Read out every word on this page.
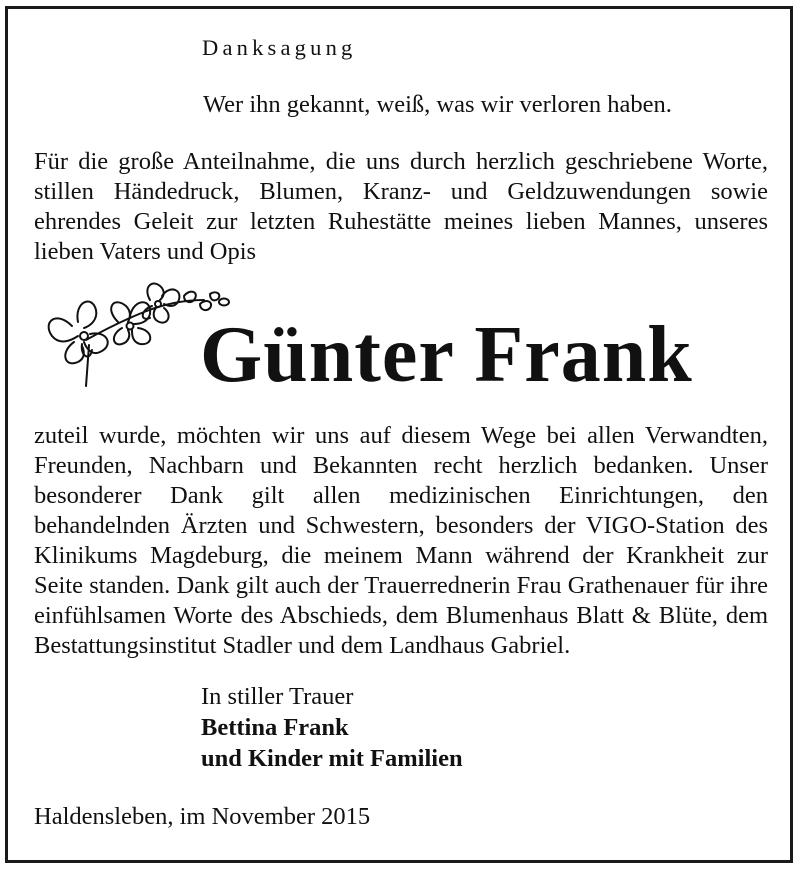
Danksagung
Wer ihn gekannt, weiß, was wir verloren haben.
Für die große Anteilnahme, die uns durch herzlich geschriebene Worte, stillen Händedruck, Blumen, Kranz- und Geldzuwendungen sowie ehrendes Geleit zur letzten Ruhestätte meines lieben Mannes, unseres lieben Vaters und Opis
Günter Frank
zuteil wurde, möchten wir uns auf diesem Wege bei allen Verwandten, Freunden, Nachbarn und Bekannten recht herzlich bedanken. Unser besonderer Dank gilt allen medizinischen Einrichtungen, den behandelnden Ärzten und Schwestern, besonders der VIGO-Station des Klinikums Magdeburg, die meinem Mann während der Krankheit zur Seite standen. Dank gilt auch der Trauerrednerin Frau Grathenauer für ihre einfühlsamen Worte des Abschieds, dem Blumenhaus Blatt & Blüte, dem Bestattungsinstitut Stadler und dem Landhaus Gabriel.
In stiller Trauer
Bettina Frank
und Kinder mit Familien
Haldensleben, im November 2015
